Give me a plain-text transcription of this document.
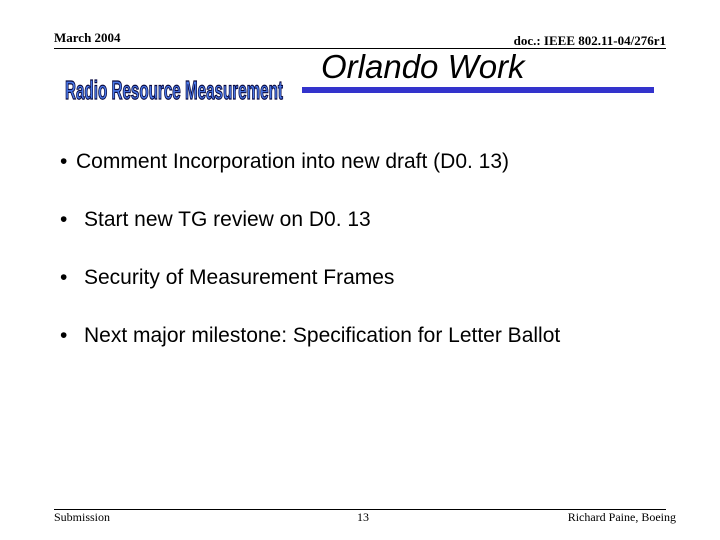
March 2004	doc.: IEEE 802.11-04/276r1
Radio Resource Measurement
Orlando Work
• Comment Incorporation into new draft (D0. 13)
• Start new TG review on D0. 13
• Security of Measurement Frames
• Next major milestone: Specification for Letter Ballot
Submission	13	Richard Paine, Boeing
